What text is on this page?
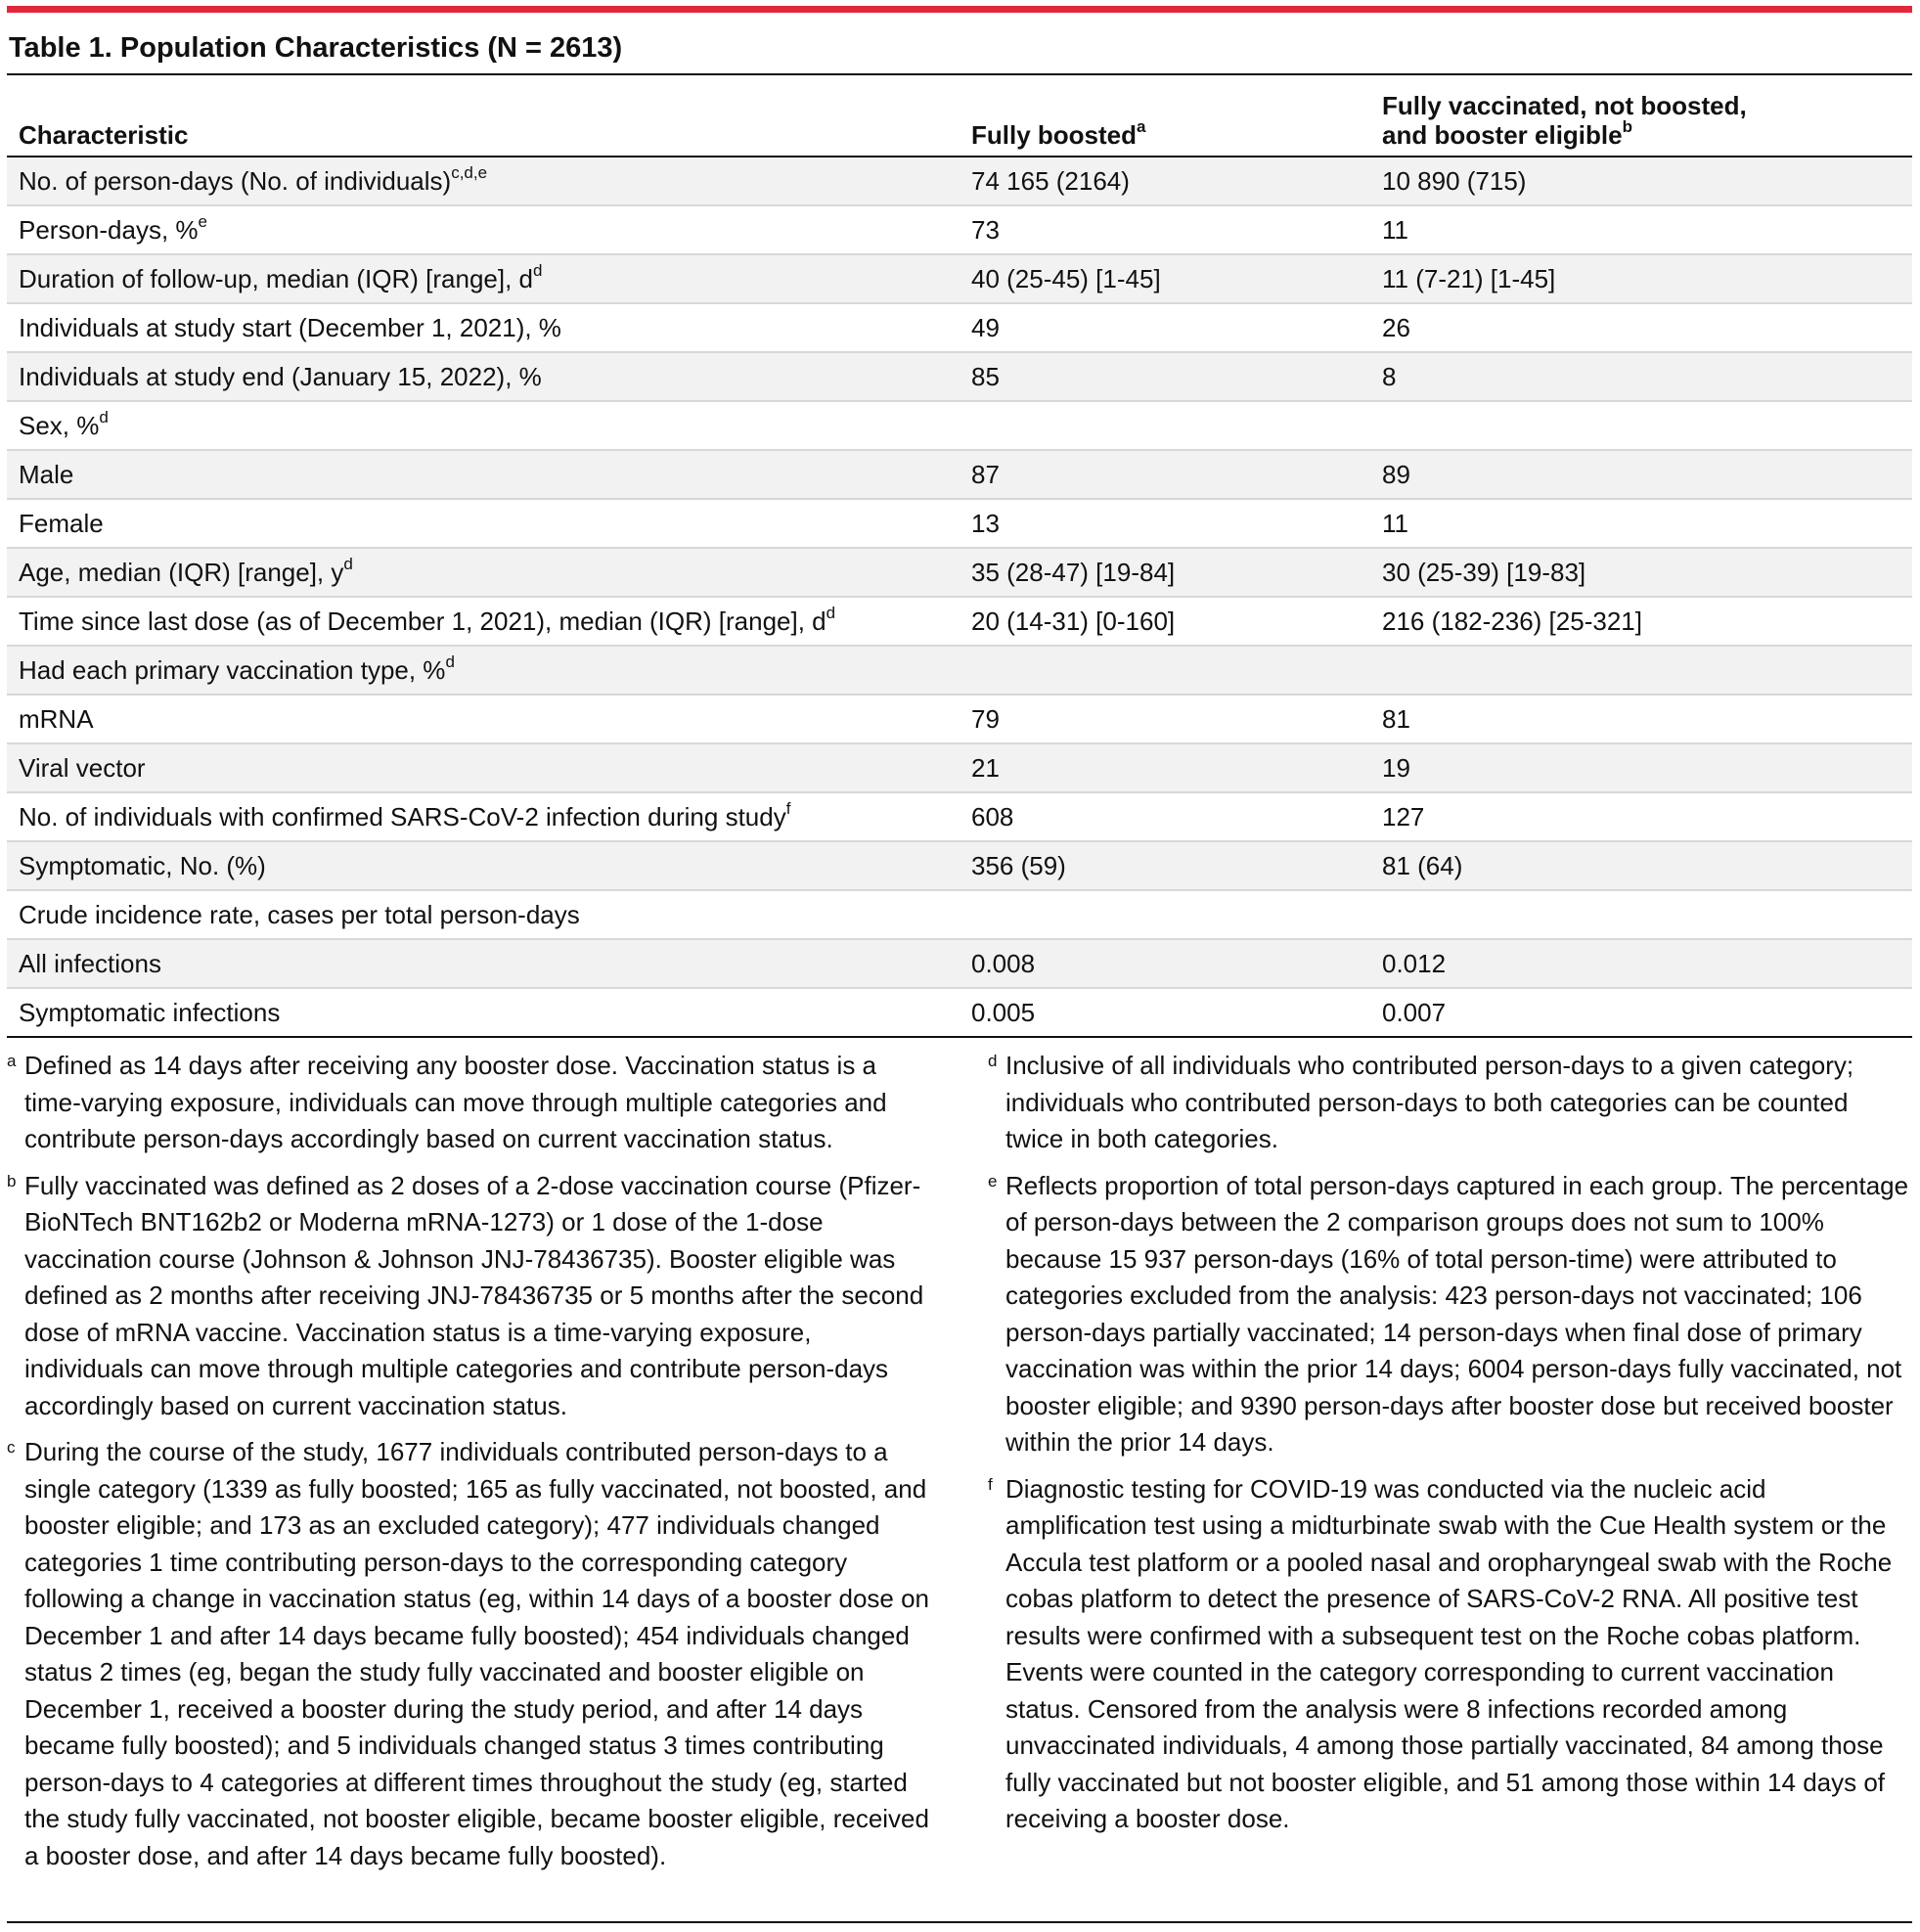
Table 1. Population Characteristics (N = 2613)
Characteristic	Fully boosted$^a$	Fully vaccinated, not boosted,
and booster eligible$^b$
No. of person-days (No. of individuals)$^{c,d,e}$	74 165 (2164)	10 890 (715)
Person-days, %$^e$	73	11
Duration of follow-up, median (IQR) [range], $d^d$	40 (25-45) [1-45]	11 (7-21) [1-45]
Individuals at study start (December 1, 2021), %	49	26
Individuals at study end (January 15, 2022), %	85	8
Sex, %$^d$		
Male	87	89
Female	13	11
Age, median (IQR) [range], $y^d$	35 (28-47) [19-84]	30 (25-39) [19-83]
Time since last dose (as of December 1, 2021), median (IQR) [range], $d^d$	20 (14-31) [0-160]	216 (182-236) [25-321]
Had each primary vaccination type, %$^d$		
mRNA	79	81
Viral vector	21	19
No. of individuals with confirmed SARS-CoV-2 infection during study$^f$	608	127
Symptomatic, No. (%)	356 (59)	81 (64)
Crude incidence rate, cases per total person-days		
All infections	0.008	0.012
Symptomatic infections	0.005	0.007
a Defined as 14 days after receiving any booster dose. Vaccination status is a time-varying exposure, individuals can move through multiple categories and contribute person-days accordingly based on current vaccination status.
b Fully vaccinated was defined as 2 doses of a 2-dose vaccination course (Pfizer-BioNTech BNT162b2 or Moderna mRNA-1273) or 1 dose of the 1-dose vaccination course (Johnson & Johnson JNJ-78436735). Booster eligible was defined as 2 months after receiving JNJ-78436735 or 5 months after the second dose of mRNA vaccine. Vaccination status is a time-varying exposure, individuals can move through multiple categories and contribute person-days accordingly based on current vaccination status.
c During the course of the study, 1677 individuals contributed person-days to a single category (1339 as fully boosted; 165 as fully vaccinated, not boosted, and booster eligible; and 173 as an excluded category); 477 individuals changed categories 1 time contributing person-days to the corresponding category following a change in vaccination status (eg, within 14 days of a booster dose on December 1 and after 14 days became fully boosted); 454 individuals changed status 2 times (eg, began the study fully vaccinated and booster eligible on December 1, received a booster during the study period, and after 14 days became fully boosted); and 5 individuals changed status 3 times contributing person-days to 4 categories at different times throughout the study (eg, started the study fully vaccinated, not booster eligible, became booster eligible, received a booster dose, and after 14 days became fully boosted).
d Inclusive of all individuals who contributed person-days to a given category; individuals who contributed person-days to both categories can be counted twice in both categories.
e Reflects proportion of total person-days captured in each group. The percentage of person-days between the 2 comparison groups does not sum to 100% because 15 937 person-days (16% of total person-time) were attributed to categories excluded from the analysis: 423 person-days not vaccinated; 106 person-days partially vaccinated; 14 person-days when final dose of primary vaccination was within the prior 14 days; 6004 person-days fully vaccinated, not booster eligible; and 9390 person-days after booster dose but received booster within the prior 14 days.
f Diagnostic testing for COVID-19 was conducted via the nucleic acid amplification test using a midturbinate swab with the Cue Health system or the Accula test platform or a pooled nasal and oropharyngeal swab with the Roche cobas platform to detect the presence of SARS-CoV-2 RNA. All positive test results were confirmed with a subsequent test on the Roche cobas platform. Events were counted in the category corresponding to current vaccination status. Censored from the analysis were 8 infections recorded among unvaccinated individuals, 4 among those partially vaccinated, 84 among those fully vaccinated but not booster eligible, and 51 among those within 14 days of receiving a booster dose.
